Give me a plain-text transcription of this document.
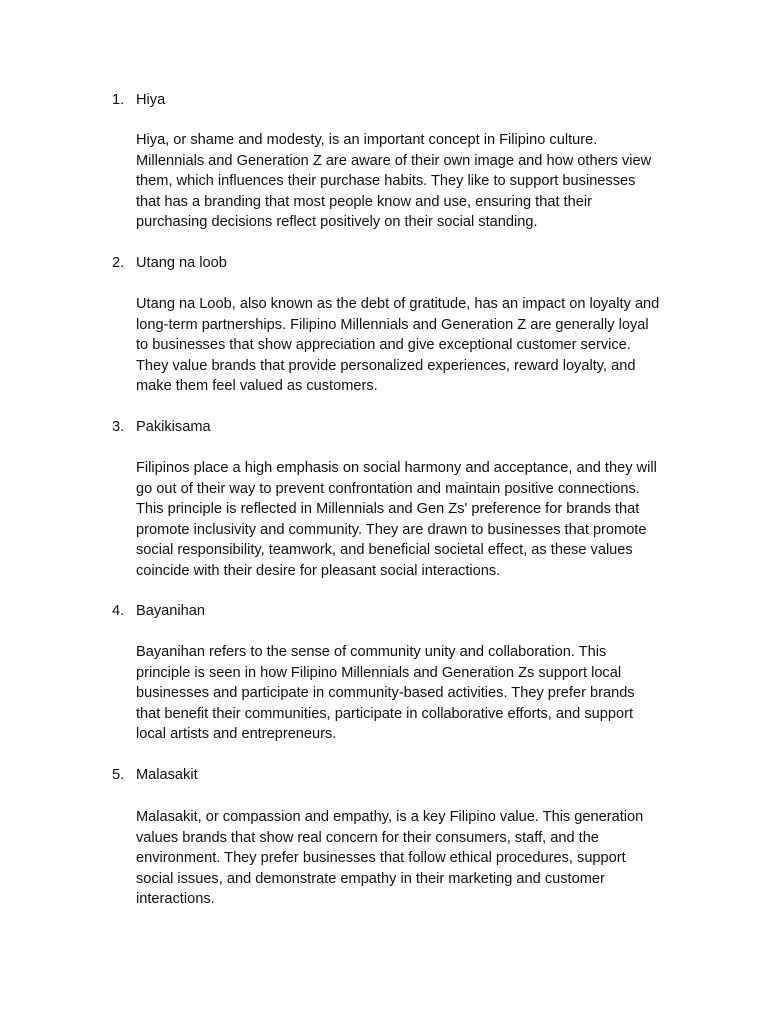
1. Hiya

Hiya, or shame and modesty, is an important concept in Filipino culture.
Millennials and Generation Z are aware of their own image and how others view
them, which influences their purchase habits. They like to support businesses
that has a branding that most people know and use, ensuring that their
purchasing decisions reflect positively on their social standing.

2. Utang na loob

Utang na Loob, also known as the debt of gratitude, has an impact on loyalty and
long-term partnerships. Filipino Millennials and Generation Z are generally loyal
to businesses that show appreciation and give exceptional customer service.
They value brands that provide personalized experiences, reward loyalty, and
make them feel valued as customers.

3. Pakikisama

Filipinos place a high emphasis on social harmony and acceptance, and they will
go out of their way to prevent confrontation and maintain positive connections.
This principle is reflected in Millennials and Gen Zs' preference for brands that
promote inclusivity and community. They are drawn to businesses that promote
social responsibility, teamwork, and beneficial societal effect, as these values
coincide with their desire for pleasant social interactions.

4. Bayanihan

Bayanihan refers to the sense of community unity and collaboration. This
principle is seen in how Filipino Millennials and Generation Zs support local
businesses and participate in community-based activities. They prefer brands
that benefit their communities, participate in collaborative efforts, and support
local artists and entrepreneurs.

5. Malasakit

Malasakit, or compassion and empathy, is a key Filipino value. This generation
values brands that show real concern for their consumers, staff, and the
environment. They prefer businesses that follow ethical procedures, support
social issues, and demonstrate empathy in their marketing and customer
interactions.
